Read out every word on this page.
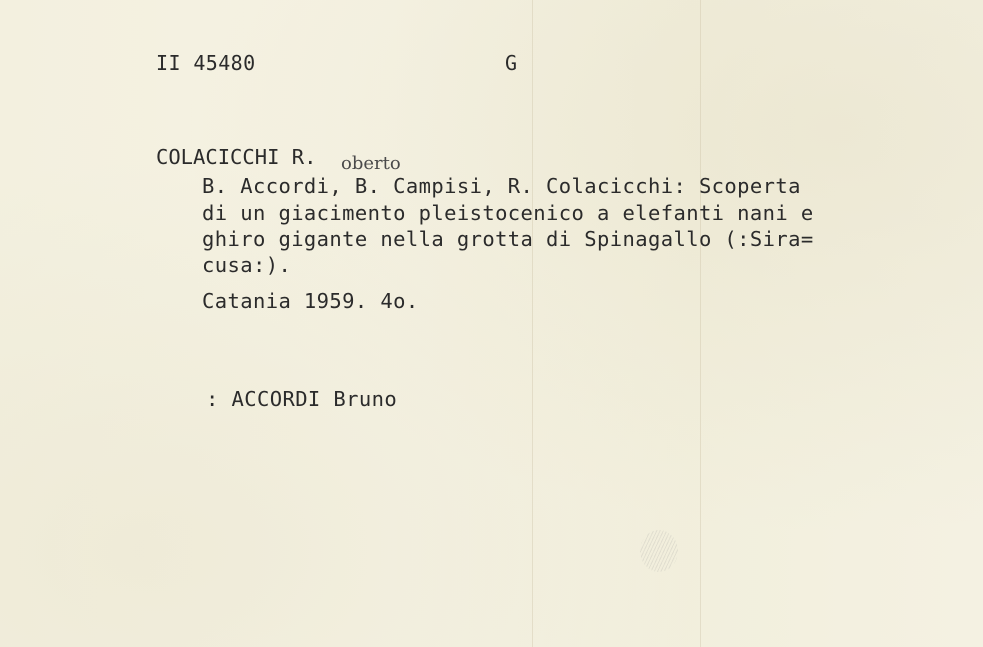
II 45480	G
COLACICCHI R. oberto
B. Accordi, B. Campisi, R. Colacicchi: Scoperta
di un giacimento pleistocenico a elefanti nani e
ghiro gigante nella grotta di Spinagallo (:Sira=
cusa:).
Catania 1959. 4o.
: ACCORDI Bruno
